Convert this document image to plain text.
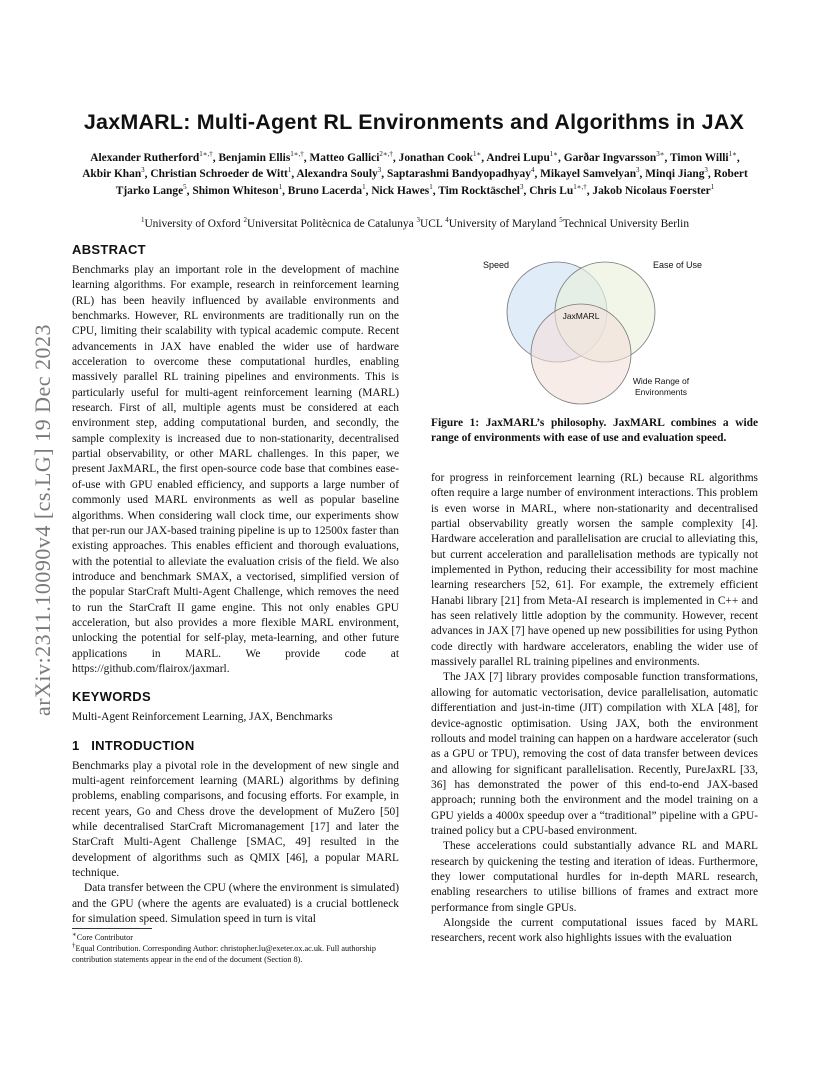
arXiv:2311.10090v4 [cs.LG] 19 Dec 2023
JaxMARL: Multi-Agent RL Environments and Algorithms in JAX
Alexander Rutherford$^{1∗,\dagger}$, Benjamin Ellis$^{1∗,\dagger}$, Matteo Gallici$^{2∗,\dagger}$, Jonathan Cook$^{1∗}$, Andrei Lupu$^{1∗}$, Garðar Ingvarsson$^{3∗}$, Timon Willi$^{1∗}$, Akbir Khan$^3$, Christian Schroeder de Witt$^1$, Alexandra Souly$^3$, Saptarashmi Bandyopadhyay$^4$, Mikayel Samvelyan$^3$, Minqi Jiang$^3$, Robert Tjarko Lange$^5$, Shimon Whiteson$^1$, Bruno Lacerda$^1$, Nick Hawes$^1$, Tim Rocktäschel$^3$, Chris $Lu^{1∗,\dagger}$, Jakob Nicolaus Foerster$^1$
$^1$University of Oxford $^2$Universitat Politècnica de Catalunya $^3$UCL $^4$University of Maryland $^5$Technical University Berlin
ABSTRACT

Benchmarks play an important role in the development of machine learning algorithms. For example, research in reinforcement learning (RL) has been heavily influenced by available environments and benchmarks. However, RL environments are traditionally run on the CPU, limiting their scalability with typical academic compute. Recent advancements in JAX have enabled the wider use of hardware acceleration to overcome these computational hurdles, enabling massively parallel RL training pipelines and environments. This is particularly useful for multi-agent reinforcement learning (MARL) research. First of all, multiple agents must be considered at each environment step, adding computational burden, and secondly, the sample complexity is increased due to non-stationarity, decentralised partial observability, or other MARL challenges. In this paper, we present JaxMARL, the first open-source code base that combines ease-of-use with GPU enabled efficiency, and supports a large number of commonly used MARL environments as well as popular baseline algorithms. When considering wall clock time, our experiments show that per-run our JAX-based training pipeline is up to 12500x faster than existing approaches. This enables efficient and thorough evaluations, with the potential to alleviate the evaluation crisis of the field. We also introduce and benchmark SMAX, a vectorised, simplified version of the popular StarCraft Multi-Agent Challenge, which removes the need to run the StarCraft II game engine. This not only enables GPU acceleration, but also provides a more flexible MARL environment, unlocking the potential for self-play, meta-learning, and other future applications in MARL. We provide code at https://github.com/flairox/jaxmarl.

KEYWORDS

Multi-Agent Reinforcement Learning, JAX, Benchmarks

1   INTRODUCTION

Benchmarks play a pivotal role in the development of new single and multi-agent reinforcement learning (MARL) algorithms by defining problems, enabling comparisons, and focusing efforts. For example, in recent years, Go and Chess drove the development of MuZero [50] while decentralised StarCraft Micromanagement [17] and later the StarCraft Multi-Agent Challenge [SMAC, 49] resulted in the development of algorithms such as QMIX [46], a popular MARL technique.

Data transfer between the CPU (where the environment is simulated) and the GPU (where the agents are evaluated) is a crucial bottleneck for simulation speed. Simulation speed in turn is vital

Speed	Ease of Use
JaxMARL
Wide Range of
Environments
Figure 1: JaxMARL’s philosophy. JaxMARL combines a wide range of environments with ease of use and evaluation speed.

for progress in reinforcement learning (RL) because RL algorithms often require a large number of environment interactions. This problem is even worse in MARL, where non-stationarity and decentralised partial observability greatly worsen the sample complexity [4]. Hardware acceleration and parallelisation are crucial to alleviating this, but current acceleration and parallelisation methods are typically not implemented in Python, reducing their accessibility for most machine learning researchers [52, 61]. For example, the extremely efficient Hanabi library [21] from Meta-AI research is implemented in C++ and has seen relatively little adoption by the community. However, recent advances in JAX [7] have opened up new possibilities for using Python code directly with hardware accelerators, enabling the wider use of massively parallel RL training pipelines and environments.

The JAX [7] library provides composable function transformations, allowing for automatic vectorisation, device parallelisation, automatic differentiation and just-in-time (JIT) compilation with XLA [48], for device-agnostic optimisation. Using JAX, both the environment rollouts and model training can happen on a hardware accelerator (such as a GPU or TPU), removing the cost of data transfer between devices and allowing for significant parallelisation. Recently, PureJaxRL [33, 36] has demonstrated the power of this end-to-end JAX-based approach; running both the environment and the model training on a GPU yields a 4000x speedup over a “traditional” pipeline with a GPU-trained policy but a CPU-based environment.

These accelerations could substantially advance RL and MARL research by quickening the testing and iteration of ideas. Furthermore, they lower computational hurdles for in-depth MARL research, enabling researchers to utilise billions of frames and extract more performance from single GPUs.

Alongside the current computational issues faced by MARL researchers, recent work also highlights issues with the evaluation

∗Core Contributor
†Equal Contribution. Corresponding Author: christopher.lu@exeter.ox.ac.uk. Full authorship contribution statements appear in the end of the document (Section 8).
